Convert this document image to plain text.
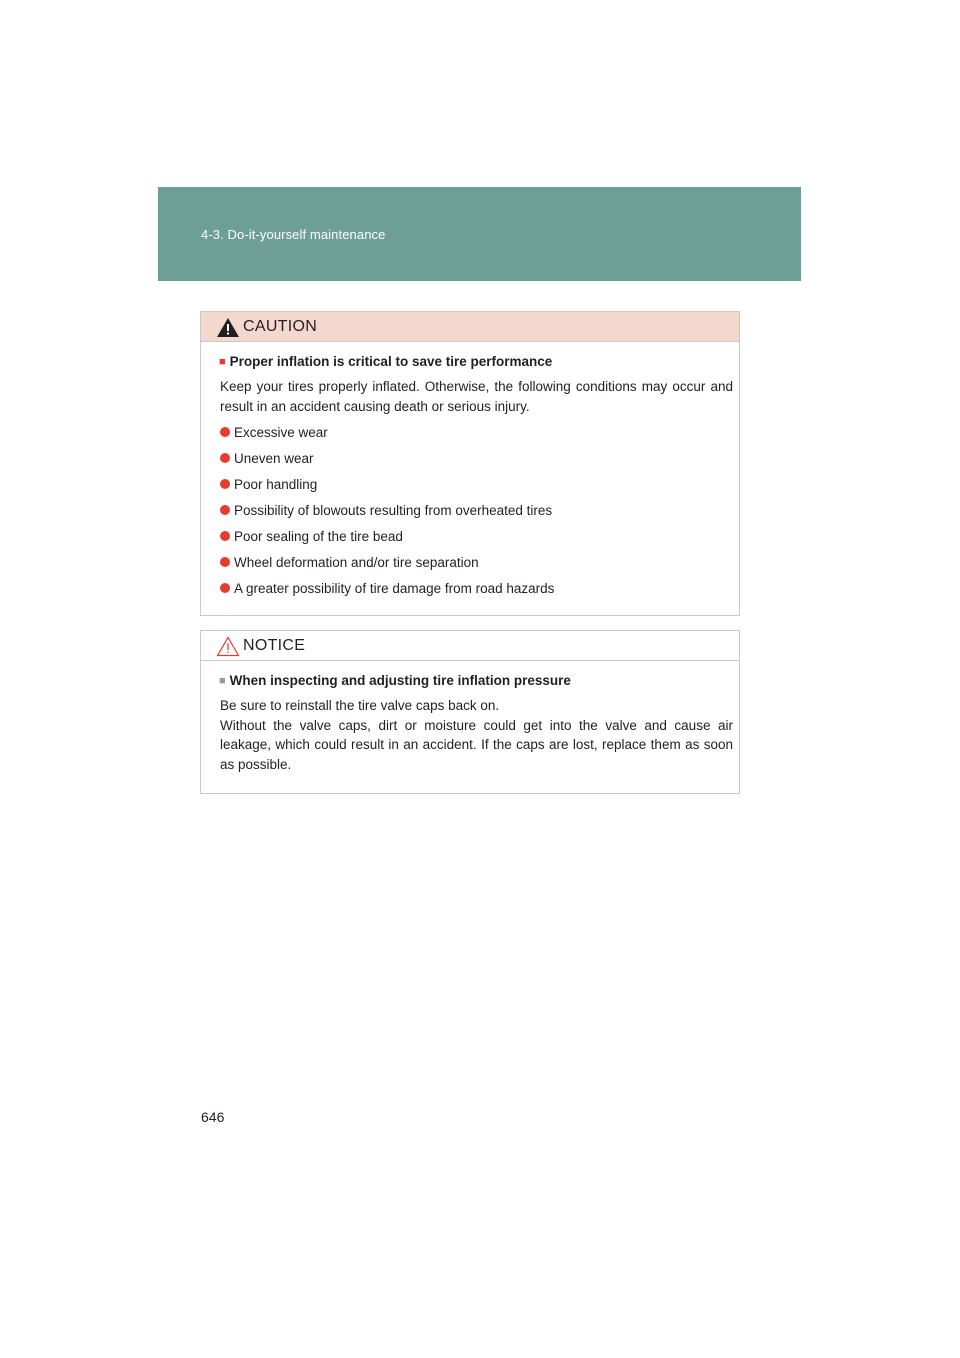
4-3. Do-it-yourself maintenance
CAUTION
■ Proper inflation is critical to save tire performance
Keep your tires properly inflated. Otherwise, the following conditions may occur and result in an accident causing death or serious injury.
Excessive wear
Uneven wear
Poor handling
Possibility of blowouts resulting from overheated tires
Poor sealing of the tire bead
Wheel deformation and/or tire separation
A greater possibility of tire damage from road hazards
NOTICE
■ When inspecting and adjusting tire inflation pressure
Be sure to reinstall the tire valve caps back on.
Without the valve caps, dirt or moisture could get into the valve and cause air leakage, which could result in an accident. If the caps are lost, replace them as soon as possible.
646
